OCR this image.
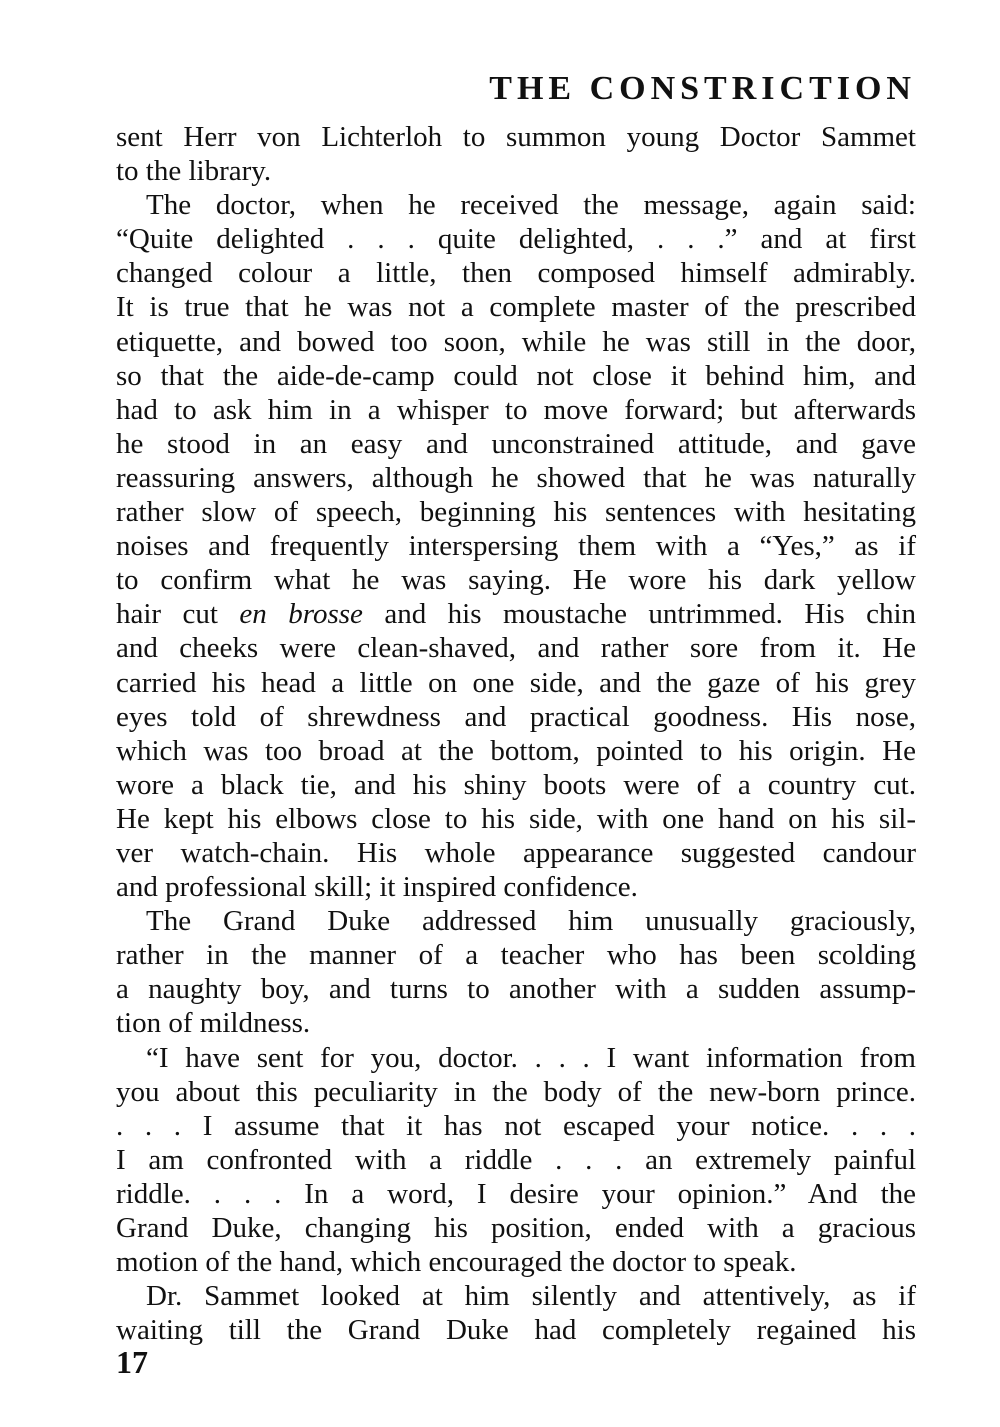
THE CONSTRICTION
sent Herr von Lichterloh to summon young Doctor Sammet
to the library.
The doctor, when he received the message, again said:
“Quite delighted . . . quite delighted, . . .” and at first
changed colour a little, then composed himself admirably.
It is true that he was not a complete master of the prescribed
etiquette, and bowed too soon, while he was still in the door,
so that the aide-de-camp could not close it behind him, and
had to ask him in a whisper to move forward; but afterwards
he stood in an easy and unconstrained attitude, and gave
reassuring answers, although he showed that he was naturally
rather slow of speech, beginning his sentences with hesitating
noises and frequently interspersing them with a “Yes,” as if
to confirm what he was saying. He wore his dark yellow
hair cut en brosse and his moustache untrimmed. His chin
and cheeks were clean-shaved, and rather sore from it. He
carried his head a little on one side, and the gaze of his grey
eyes told of shrewdness and practical goodness. His nose,
which was too broad at the bottom, pointed to his origin. He
wore a black tie, and his shiny boots were of a country cut.
He kept his elbows close to his side, with one hand on his sil-
ver watch-chain. His whole appearance suggested candour
and professional skill; it inspired confidence.
The Grand Duke addressed him unusually graciously,
rather in the manner of a teacher who has been scolding
a naughty boy, and turns to another with a sudden assump-
tion of mildness.
“I have sent for you, doctor. . . . I want information from
you about this peculiarity in the body of the new-born prince.
. . . I assume that it has not escaped your notice. . . .
I am confronted with a riddle . . . an extremely painful
riddle. . . . In a word, I desire your opinion.” And the
Grand Duke, changing his position, ended with a gracious
motion of the hand, which encouraged the doctor to speak.
Dr. Sammet looked at him silently and attentively, as if
waiting till the Grand Duke had completely regained his
17
